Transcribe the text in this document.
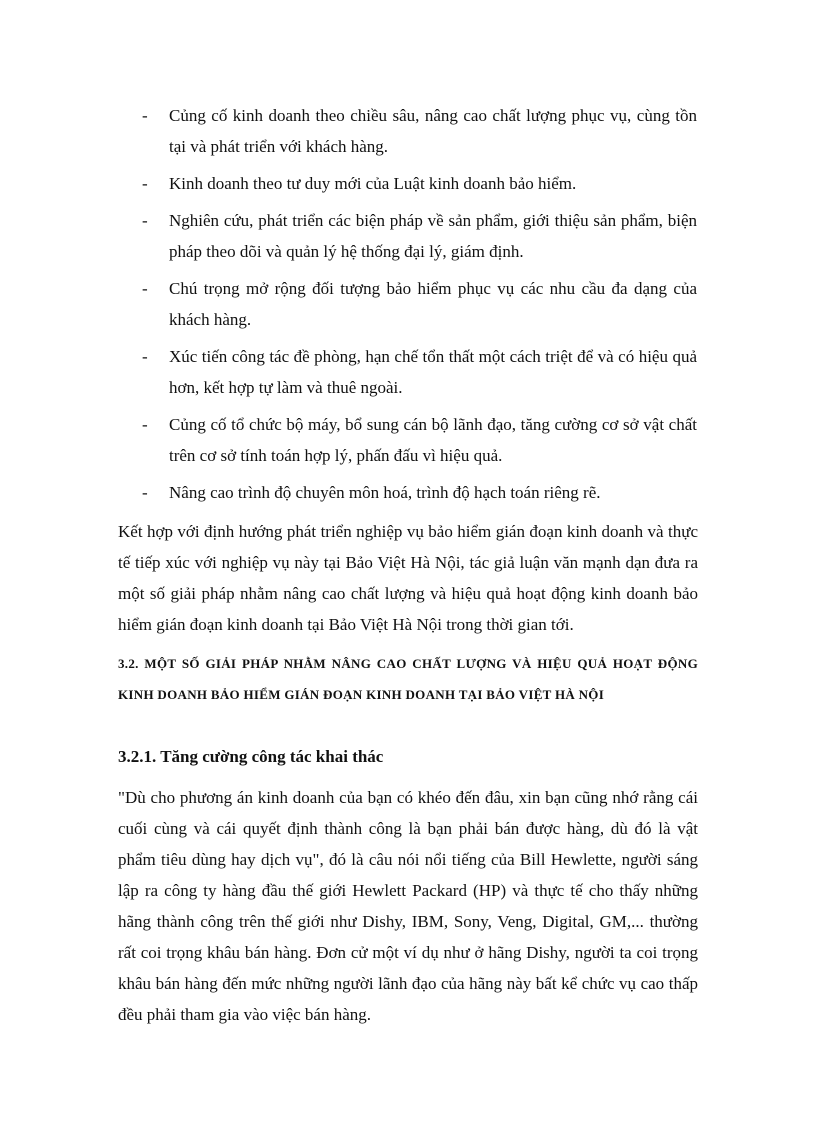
- Củng cố kinh doanh theo chiều sâu, nâng cao chất lượng phục vụ, cùng tồn tại và phát triển với khách hàng.
- Kinh doanh theo tư duy mới của Luật kinh doanh bảo hiểm.
- Nghiên cứu, phát triển các biện pháp về sản phẩm, giới thiệu sản phẩm, biện pháp theo dõi và quản lý hệ thống đại lý, giám định.
- Chú trọng mở rộng đối tượng bảo hiểm phục vụ các nhu cầu đa dạng của khách hàng.
- Xúc tiến công tác đề phòng, hạn chế tổn thất một cách triệt để và có hiệu quả hơn, kết hợp tự làm và thuê ngoài.
- Củng cố tổ chức bộ máy, bổ sung cán bộ lãnh đạo, tăng cường cơ sở vật chất trên cơ sở tính toán hợp lý, phấn đấu vì hiệu quả.
- Nâng cao trình độ chuyên môn hoá, trình độ hạch toán riêng rẽ.

Kết hợp với định hướng phát triển nghiệp vụ bảo hiểm gián đoạn kinh doanh và thực tế tiếp xúc với nghiệp vụ này tại Bảo Việt Hà Nội, tác giả luận văn mạnh dạn đưa ra một số giải pháp nhằm nâng cao chất lượng và hiệu quả hoạt động kinh doanh bảo hiểm gián đoạn kinh doanh tại Bảo Việt Hà Nội trong thời gian tới.

3.2. MỘT SỐ GIẢI PHÁP NHẰM NÂNG CAO CHẤT LƯỢNG VÀ HIỆU QUẢ HOẠT ĐỘNG KINH DOANH BẢO HIỂM GIÁN ĐOẠN KINH DOANH TẠI BẢO VIỆT HÀ NỘI
3.2.1. Tăng cường công tác khai thác

"Dù cho phương án kinh doanh của bạn có khéo đến đâu, xin bạn cũng nhớ rằng cái cuối cùng và cái quyết định thành công là bạn phải bán được hàng, dù đó là vật phẩm tiêu dùng hay dịch vụ", đó là câu nói nổi tiếng của Bill Hewlette, người sáng lập ra công ty hàng đầu thế giới Hewlett Packard (HP) và thực tế cho thấy những hãng thành công trên thế giới như Dishy, IBM, Sony, Veng, Digital, GM,... thường rất coi trọng khâu bán hàng. Đơn cử một ví dụ như ở hãng Dishy, người ta coi trọng khâu bán hàng đến mức những người lãnh đạo của hãng này bất kể chức vụ cao thấp đều phải tham gia vào việc bán hàng.
